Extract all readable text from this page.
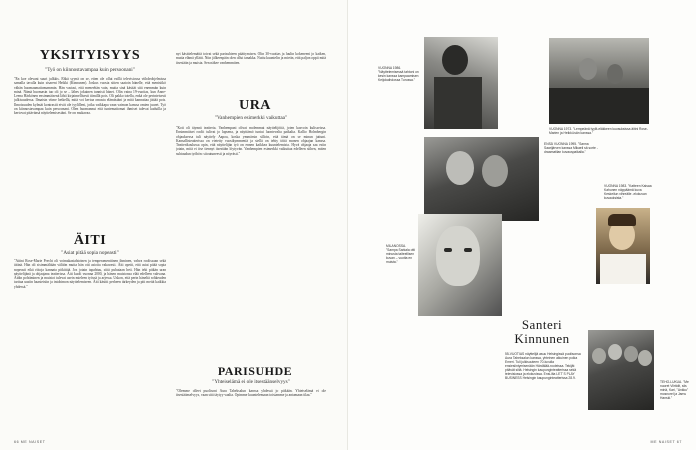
YKSITYISYYS
"Työ on kiinnostavampaa kuin persoonani"
"En koe olevani suuri julkkis. Ehkä syynä on se, etten ole ollut esillä televisiossa viihdeohjelmissa samalla tavalla kuin sisareni Heikki (Kinnunen). Joskus vuosia sitten saatoin hänelle, että menisitkö vähän huomaamattomammin. Hän vastasi, että meneehän vain, mutta sinä käsität sitä enemmän kuin minä. Nämä huomasin tuo oli jo se – lähes jokainen tunnisti hänet. Olin vaina 19-vuotias, kun Anne-Leena Härkönen ensimmäisenä lähti kirjaimellisesti tiimillä pois. Oli pakko totella, enkä ole perinteisesti julkisuudessa. Ilmaisin viime hetkellä, mitä voi kertoa omasta elämästäni ja mitä kannattaa jättää pois. Ilmoisuuden kylmät kontrastit eivät ole tyylilleni, jotka vaikkapa vaan vaimon kanssa omien juuret. Työ on kiinnostavampaa kuin persoonani. Olen huomannut että tuntemattomat ihmiset tulevat kaduilla ja kertovat pitävänsä näyttelemisestäni. Se on mukavaa.
ÄITI
"Asiat pitää sopia nopeasti"
"Äitini Rose-Marie Precht oli voimakastahtoinen ja temperamenttinen ihminen, vahva roolissaan sekä äitinä. Hän oli sisimmältään välitön mutta hän otti asioita vakavasti. Äiti opetti, että asiat pitää sopia nopeasti eikä riitoja kannata pitkittää. Jos jotain tapahtuu, siitä puhutaan heti. Hän teki pitkän uran näyttelijänä ja ohjaajana teatterissa. Äiti kuoli vuonna 2000, ja hänen muistonsa elää edelleen vahvana. Äidin pohtiminen ja muistot tulevat usein mieleen työssä ja arjessa. Uskon, että perin häneltä rohkeuden tarttua uusiin haasteisiin ja intohimon näyttelemiseen. Äiti käsitti perheen tärkeyden ja piti meitä kaikkia yhdessä."
nyt käsittelemättä toivat sekä parisuhteen päättymisen. Olin 30-vuotias ja luulin kokeneeni jo kaiken, mutta elämä yllätti. Niin jälkeenpäin olen ollut tanakka. Nuttu kuuntelin ja mietin, että paljon oppii mitä itsestään ja muista. Sen näkee vanhemmiten.
URA
"Vanhempien esimerkki vaikuttaa"
"Koti oli täynnä teatteria. Vanhempani olivat molemmat näyttelijöitä, joten kasvoin kulisseissa. Ensimmäiset roolit tulivat jo lapsena, ja näyttämö tuntui luontevalta paikalta. Kallio Holmbergin ohjauksessa tuli näyttely Aapoa, koska ymmärsin silloin, että tämä on se minun juttuni. Kansallisteatterissa on vietetty vuosikymmeniä ja siellä on tehty töitä monen ohjaajan kanssa. Teatterikoulussa opin, että näyttelijän työ on ennen kaikkea kuuntelemista. Hyvä ohjaaja saa esiin jotain, mitä ei itse tiennyt itsestään löytyvän. Vanhempien esimerkki vaikuttaa edelleen siihen, miten suhtaudun työhön: sitoutuneesti ja nöyrästi."
PARISUHDE
"Yhteiselämä ei ole itsestäänselvyys"
"Olemme olleet puolisoni Aura Taheksalun kanssa yhdessä jo pitkään. Yhteiselämä ei ole itsestäänselvyys, vaan sitä täytyy vaalia. Opimme kuuntelemaan toisiamme ja antamaan tilaa."
66 ME NAISET
VUONNA 1986. "Näyttelemisessä tahtoni on kesin kanssa kampaamisen Keijokaihdossa Turussa."
VUONNA 1973. "Lempeänä tyylit-eläkkeen kuvauksissa äitini Rose-Marien ja Heikki-isän kanssa."
ENSÄ VUONNA 1995. "Sanna Saarijärven kanssa Mikaeli sä sorte -draamatilan kuvauspaikalla."
VUONNA 1983. "Katteen Kaisaa Kahunen näppäämä kuva Keskeilun vihreälle -elokuvan kuvauksista."
MILANOSSA. "Sampa Sarkala otti minusta taiteellisen kuvan – vuotta en muista."
Santeri
Kinnunen
55-VUOTIAS näyttelijä asuu Helsingissä puolisonsa Aura Taheksalun kanssa, yhteinen aikuinen poika Emeri. Tuli julkisuuteen 70-luvulla ensiesiintymisenään Härdälää-rooleissa. Tekijät pitävät siitä. Helsingin kaupunginteatterissa sekä televisiossa ja elokuvissa. Ensi-ilta LET´S PLAY BUSINESS Helsingin kaupunginteatterissa 28.9.
TEHO-LUKUA. "Me nuoret Viirtidit, siis minä, Kari, "Ankku" mosnorel ja Jarnu Hanski."
ME NAISET 67
